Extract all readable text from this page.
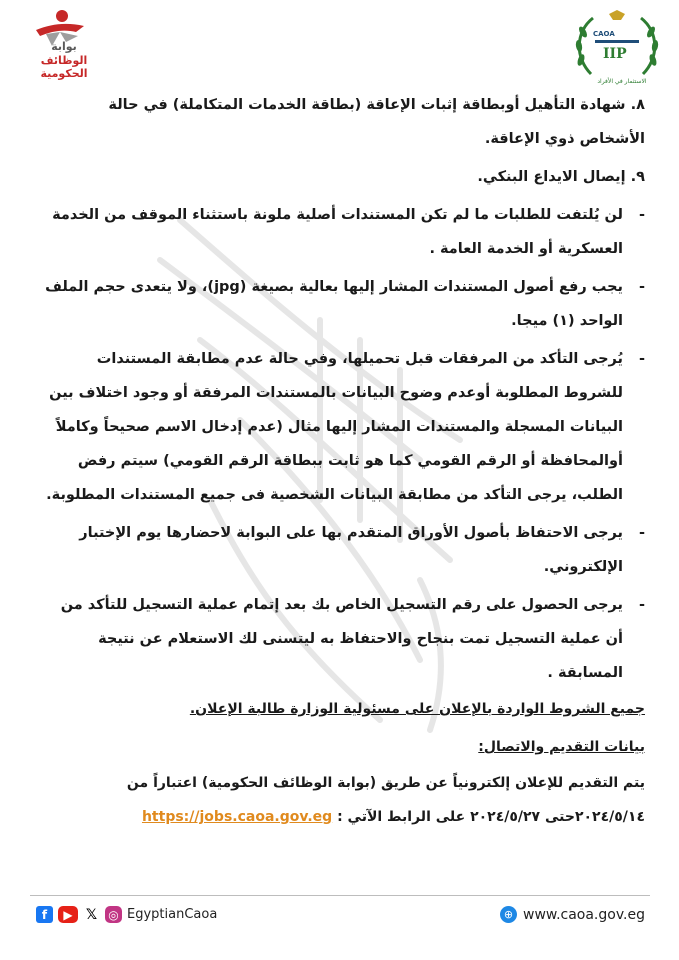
بوابة
الوظائف
الحكومية
CAOA
IIP
الاستثمار في الأفراد
٨. شهادة التأهيل أوبطاقة إثبات الإعاقة (بطاقة الخدمات المتكاملة) في حالة الأشخاص ذوي الإعاقة.
٩. إيصال الايداع البنكي.
-
لن يُلتفت للطلبات ما لم تكن المستندات أصلية ملونة باستثناء الموقف من الخدمة العسكرية أو الخدمة العامة .
-
يجب رفع أصول المستندات المشار إليها بعالية بصيغة (jpg)، ولا يتعدى حجم الملف الواحد (١) ميجا.
-
يُرجى التأكد من المرفقات قبل تحميلها، وفي حالة عدم مطابقة المستندات للشروط المطلوبة أوعدم وضوح البيانات بالمستندات المرفقة أو وجود اختلاف بين البيانات المسجلة والمستندات المشار إليها مثال (عدم إدخال الاسم صحيحاً وكاملاً أوالمحافظة أو الرقم القومي كما هو ثابت ببطاقة الرقم القومي) سيتم رفض الطلب، يرجى التأكد من مطابقة البيانات الشخصية فى جميع المستندات المطلوبة.
-
يرجى الاحتفاظ بأصول الأوراق المتقدم بها على البوابة لاحضارها يوم الإختبار الإلكتروني.
-
يرجى الحصول على رقم التسجيل الخاص بك بعد إتمام عملية التسجيل للتأكد من أن عملية التسجيل تمت بنجاح والاحتفاظ به ليتسنى لك الاستعلام عن نتيجة المسابقة .
جميع الشروط الواردة بالإعلان على مسئولية الوزارة طالبة الإعلان.
بيانات التقديم والاتصال:
يتم التقديم للإعلان إلكترونياً عن طريق (بوابة الوظائف الحكومية) اعتباراً من ٢٠٢٤/٥/١٤حتى ٢٠٢٤/٥/٢٧ على الرابط الآتي : https://jobs.caoa.gov.eg
f	▶ 𝕏 ◎ EgyptianCaoa	⊕ www.caoa.gov.eg
